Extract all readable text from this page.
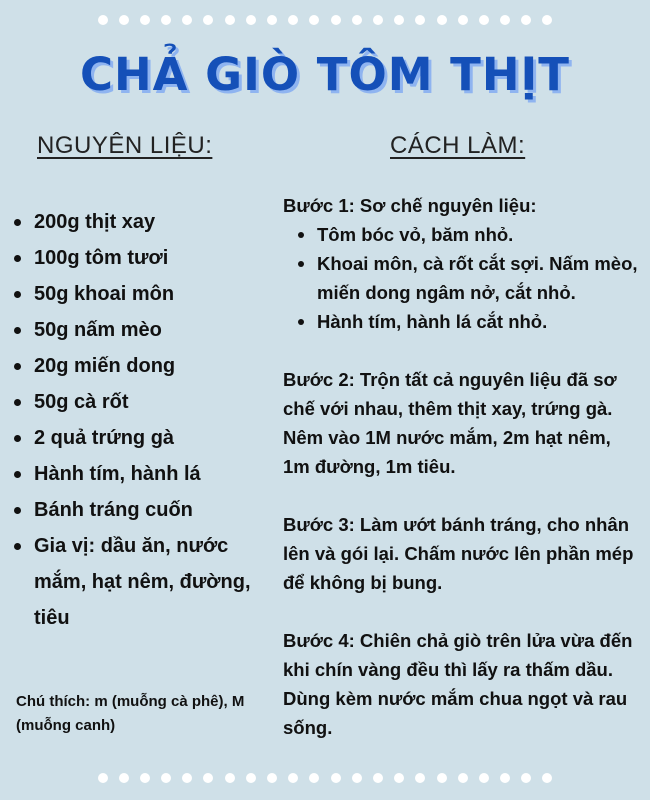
CHẢ GIÒ TÔM THỊT
NGUYÊN LIỆU:	CÁCH LÀM:
200g thịt xay
100g tôm tươi
50g khoai môn
50g nấm mèo
20g miến dong
50g cà rốt
2 quả trứng gà
Hành tím, hành lá
Bánh tráng cuốn
Gia vị: dầu ăn, nước mắm, hạt nêm, đường, tiêu
Chú thích: m (muỗng cà phê), M (muỗng canh)
Bước 1: Sơ chế nguyên liệu:
Tôm bóc vỏ, băm nhỏ.
Khoai môn, cà rốt cắt sợi. Nấm mèo, miến dong ngâm nở, cắt nhỏ.
Hành tím, hành lá cắt nhỏ.

Bước 2: Trộn tất cả nguyên liệu đã sơ chế với nhau, thêm thịt xay, trứng gà. Nêm vào 1M nước mắm, 2m hạt nêm, 1m đường, 1m tiêu.

Bước 3: Làm ướt bánh tráng, cho nhân lên và gói lại. Chấm nước lên phần mép để không bị bung.

Bước 4: Chiên chả giò trên lửa vừa đến khi chín vàng đều thì lấy ra thấm dầu. Dùng kèm nước mắm chua ngọt và rau sống.
